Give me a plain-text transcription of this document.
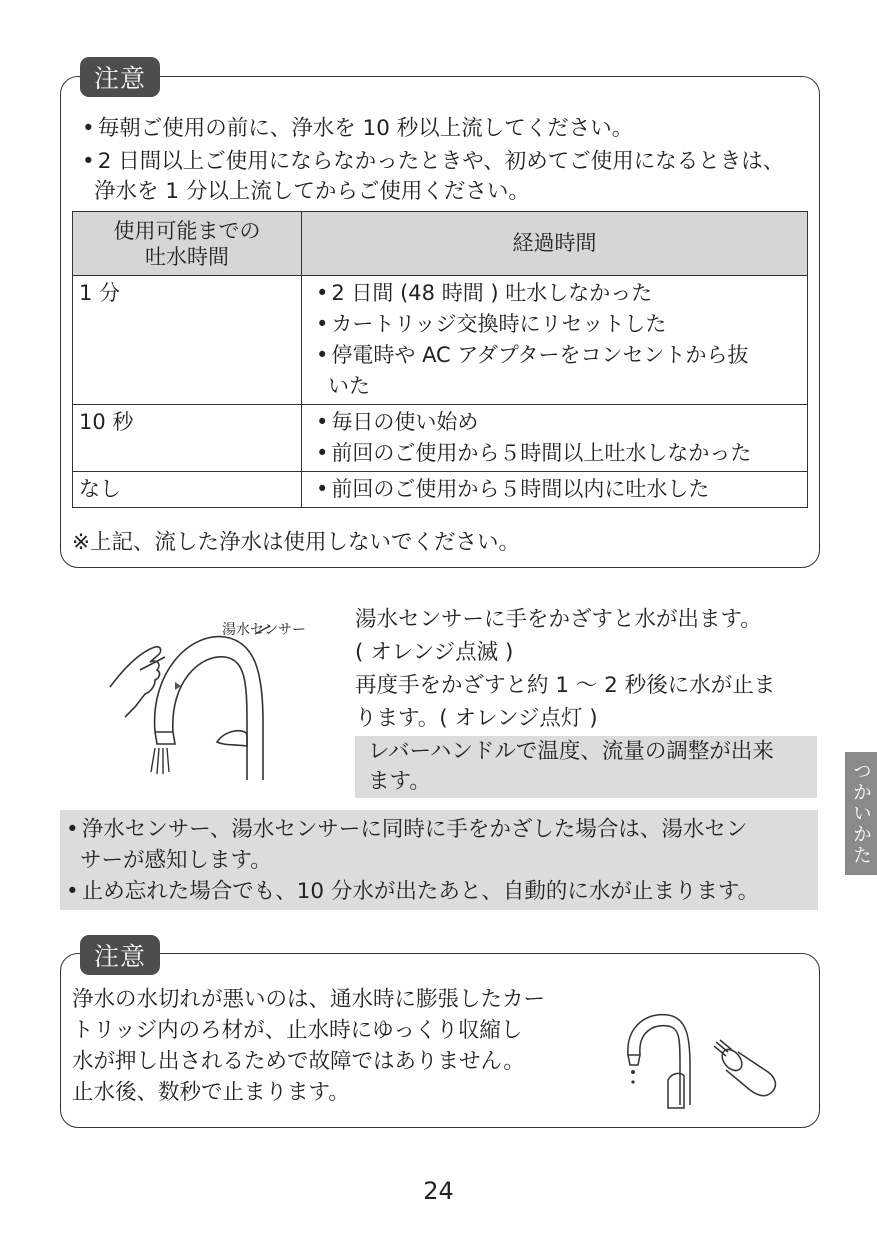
注意
• 毎朝ご使用の前に、浄水を 10 秒以上流してください。
• 2 日間以上ご使用にならなかったときや、初めてご使用になるときは、
浄水を 1 分以上流してからご使用ください。
使用可能までの
吐水時間	経過時間
1 分	• 2 日間 (48 時間 ) 吐水しなかった
• カートリッジ交換時にリセットした
• 停電時や AC アダプターをコンセントから抜
いた

10 秒	• 毎日の使い始め
• 前回のご使用から５時間以上吐水しなかった

なし	• 前回のご使用から５時間以内に吐水した
※上記、流した浄水は使用しないでください。
湯水センサー 湯水センサーに手をかざすと水が出ます。
( オレンジ点滅 )
再度手をかざすと約 1 ～ 2 秒後に水が止ま
ります。( オレンジ点灯 )
レバーハンドルで温度、流量の調整が出来
ます。
• 浄水センサー、湯水センサーに同時に手をかざした場合は、湯水セン
サーが感知します。
• 止め忘れた場合でも、10 分水が出たあと、自動的に水が止まります。
つかいかた
注意
浄水の水切れが悪いのは、通水時に膨張したカー
トリッジ内のろ材が、止水時にゆっくり収縮し
水が押し出されるためで故障ではありません。
止水後、数秒で止まります。
24
